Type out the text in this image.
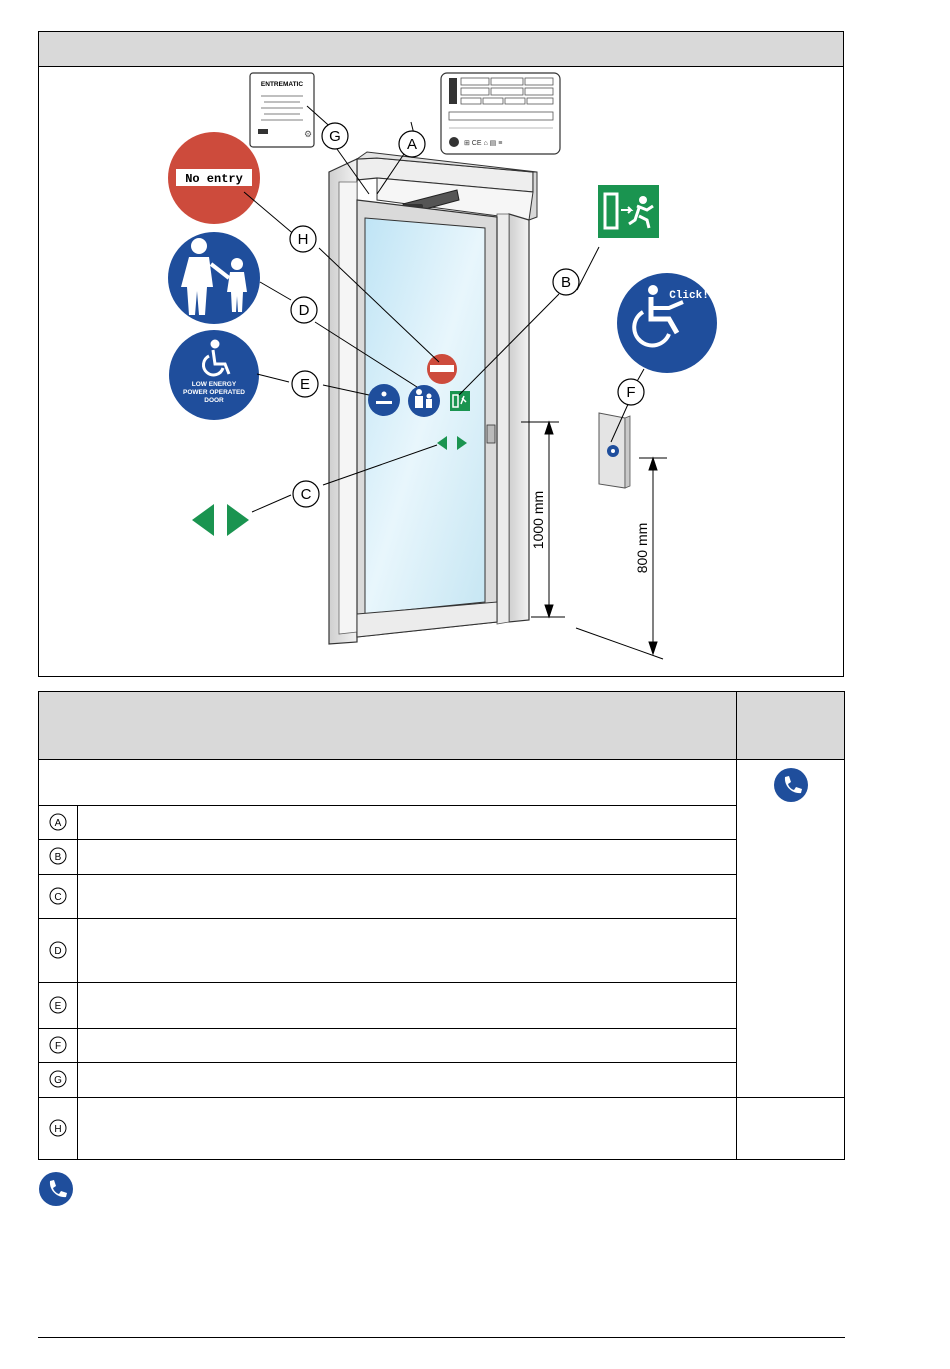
⊞ CE ⌂ ▤ ≡
ENTREMATIC
⚙
No entry
LOW ENERGY
POWER OPERATED
DOOR
Click!
A
B
C
D
E	F
G
H
1000 mm	800 mm
A
B
C
D
E
F
G
H
